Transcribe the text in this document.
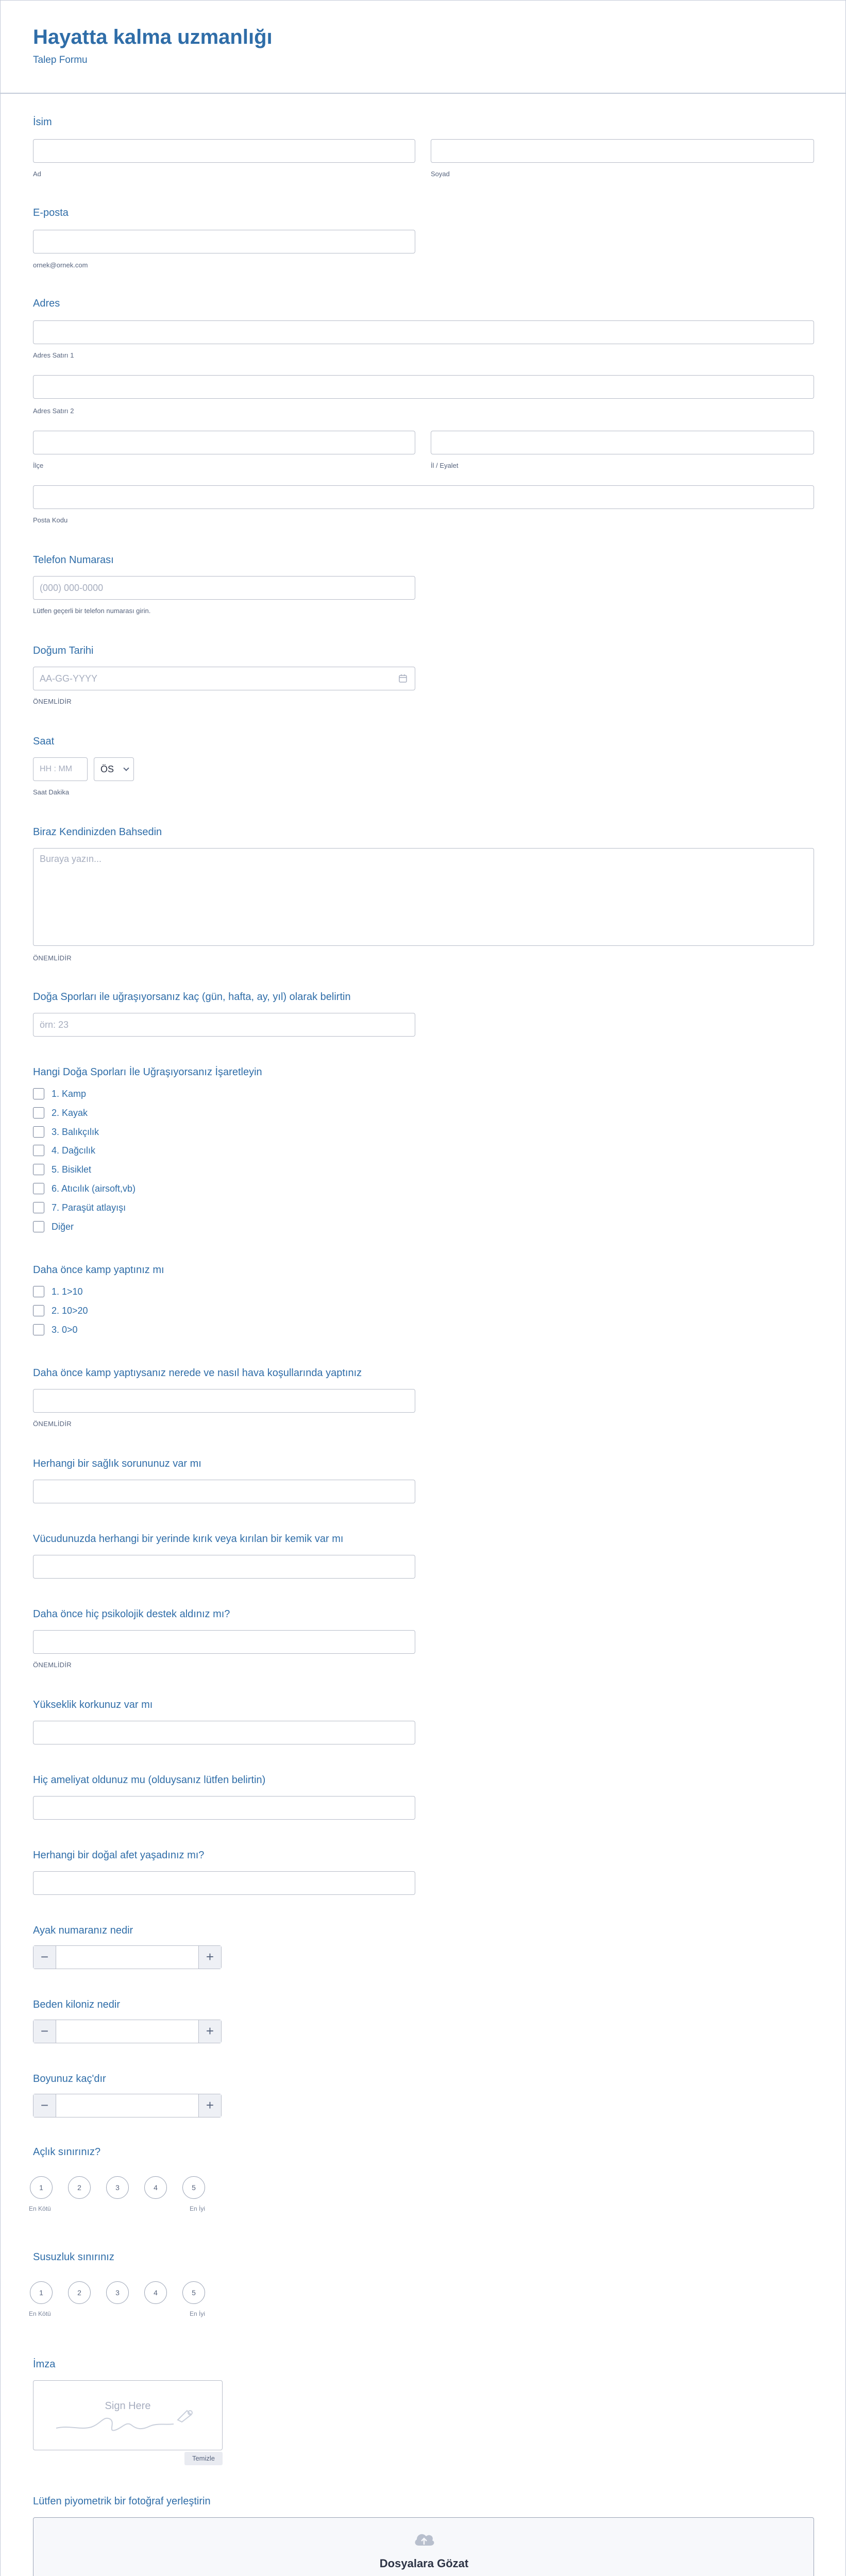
Hayatta kalma uzmanlığı
Talep Formu
İsim
Ad	Soyad
E-posta
ornek@ornek.com
Adres
Adres Satırı 1
Adres Satırı 2
İlçe	İl / Eyalet
Posta Kodu
Telefon Numarası
(000) 000-0000
Lütfen geçerli bir telefon numarası girin.
Doğum Tarihi
AA-GG-YYYY
ÖNEMLİDİR
Saat
HH : MM	ÖS
Saat Dakika
Biraz Kendinizden Bahsedin
Buraya yazın...
ÖNEMLİDİR
Doğa Sporları ile uğraşıyorsanız kaç (gün, hafta, ay, yıl) olarak belirtin
örn: 23
Hangi Doğa Sporları İle Uğraşıyorsanız İşaretleyin
1. Kamp
2. Kayak
3. Balıkçılık
4. Dağcılık
5. Bisiklet
6. Atıcılık (airsoft,vb)
7. Paraşüt atlayışı
Diğer
Daha önce kamp yaptınız mı
1. 1>10
2. 10>20
3. 0>0
Daha önce kamp yaptıysanız nerede ve nasıl hava koşullarında yaptınız
ÖNEMLİDİR
Herhangi bir sağlık sorununuz var mı
Vücudunuzda herhangi bir yerinde kırık veya kırılan bir kemik var mı
Daha önce hiç psikolojik destek aldınız mı?
ÖNEMLİDİR
Yükseklik korkunuz var mı
Hiç ameliyat oldunuz mu (olduysanız lütfen belirtin)
Herhangi bir doğal afet yaşadınız mı?
Ayak numaranız nedir
−	+
Beden kiloniz nedir
−	+
Boyunuz kaç'dır
−	+
Açlık sınırınız?
1	2	3	4	5
En Kötü	En İyi
Susuzluk sınırınız
1	2	3	4	5
En Kötü	En İyi
İmza
Sign Here
Temizle
Lütfen piyometrik bir fotoğraf yerleştirin
Dosyalara Gözat
